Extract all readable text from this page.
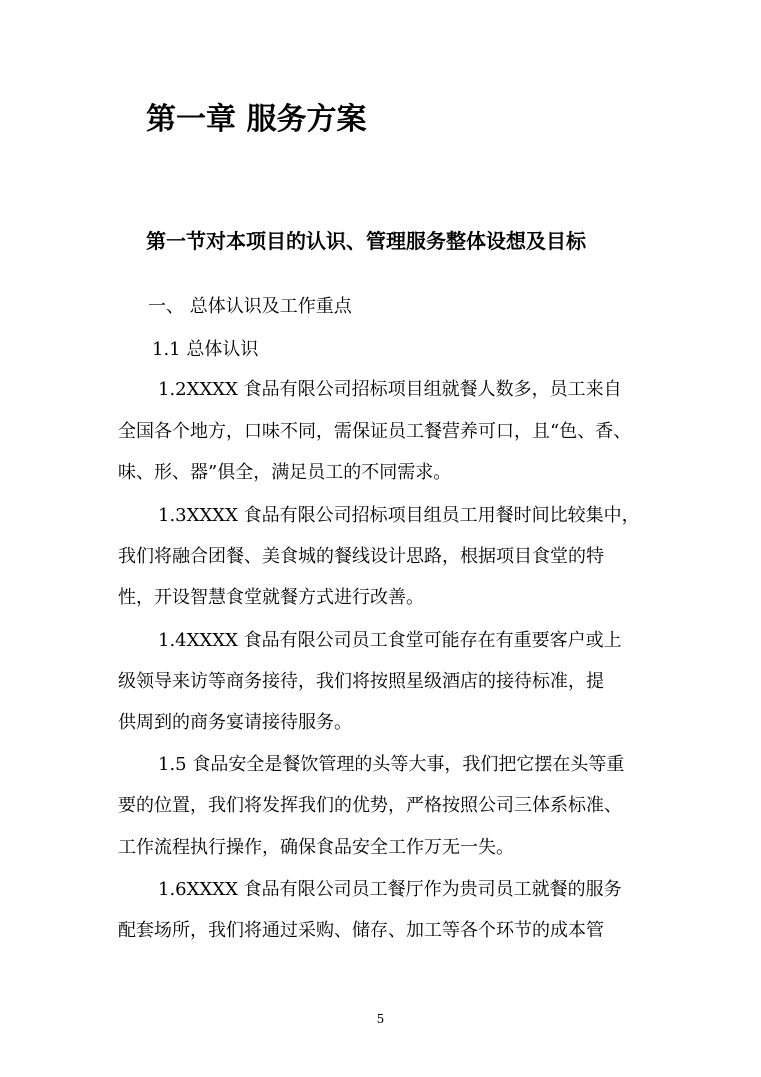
第一章 服务方案
第一节对本项目的认识、管理服务整体设想及目标
一、 总体认识及工作重点
1.1 总体认识
1.2XXXX 食品有限公司招标项目组就餐人数多，员工来自
全国各个地方，口味不同，需保证员工餐营养可口，且“色、香、
味、形、器”俱全，满足员工的不同需求。
1.3XXXX 食品有限公司招标项目组员工用餐时间比较集中，
我们将融合团餐、美食城的餐线设计思路，根据项目食堂的特
性，开设智慧食堂就餐方式进行改善。
1.4XXXX 食品有限公司员工食堂可能存在有重要客户或上
级领导来访等商务接待，我们将按照星级酒店的接待标准，提
供周到的商务宴请接待服务。
1.5 食品安全是餐饮管理的头等大事，我们把它摆在头等重
要的位置，我们将发挥我们的优势，严格按照公司三体系标准、
工作流程执行操作，确保食品安全工作万无一失。
1.6XXXX 食品有限公司员工餐厅作为贵司员工就餐的服务
配套场所，我们将通过采购、储存、加工等各个环节的成本管
5
